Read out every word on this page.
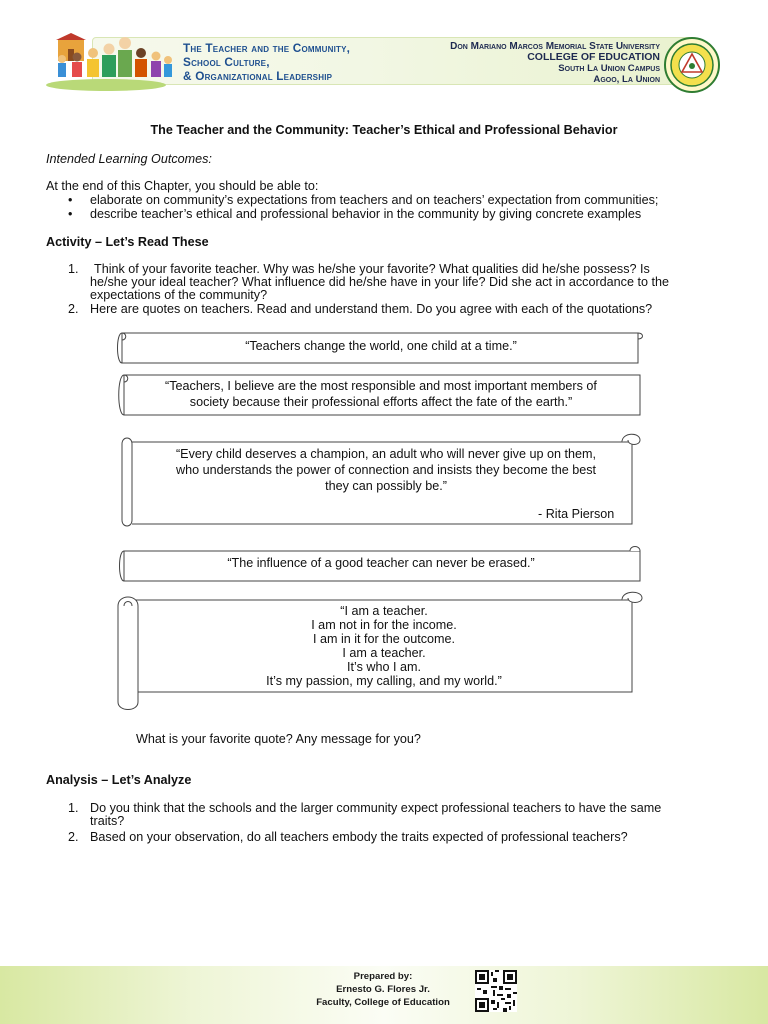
The Teacher and the Community,
School Culture,
& Organizational Leadership
Don Mariano Marcos Memorial State University
COLLEGE OF EDUCATION
South La Union Campus
Agoo, La Union
The Teacher and the Community: Teacher’s Ethical and Professional Behavior
Intended Learning Outcomes:
At the end of this Chapter, you should be able to:
• elaborate on community’s expectations from teachers and on teachers’ expectation from communities;
• describe teacher’s ethical and professional behavior in the community by giving concrete examples
Activity – Let’s Read These
1. Think of your favorite teacher. Why was he/she your favorite? What qualities did he/she possess? Is
he/she your ideal teacher? What influence did he/she have in your life? Did she act in accordance to the
expectations of the community?
2. Here are quotes on teachers. Read and understand them. Do you agree with each of the quotations?
“Teachers change the world, one child at a time.”
“Teachers, I believe are the most responsible and most important members of
society because their professional efforts affect the fate of the earth.”
“Every child deserves a champion, an adult who will never give up on them,
who understands the power of connection and insists they become the best
they can possibly be.”
- Rita Pierson
“The influence of a good teacher can never be erased.”
“I am a teacher.
I am not in for the income.
I am in it for the outcome.
I am a teacher.
It’s who I am.
It’s my passion, my calling, and my world.”
What is your favorite quote? Any message for you?
Analysis – Let’s Analyze
1. Do you think that the schools and the larger community expect professional teachers to have the same
traits?
2. Based on your observation, do all teachers embody the traits expected of professional teachers?
Prepared by:
Ernesto G. Flores Jr.
Faculty, College of Education
